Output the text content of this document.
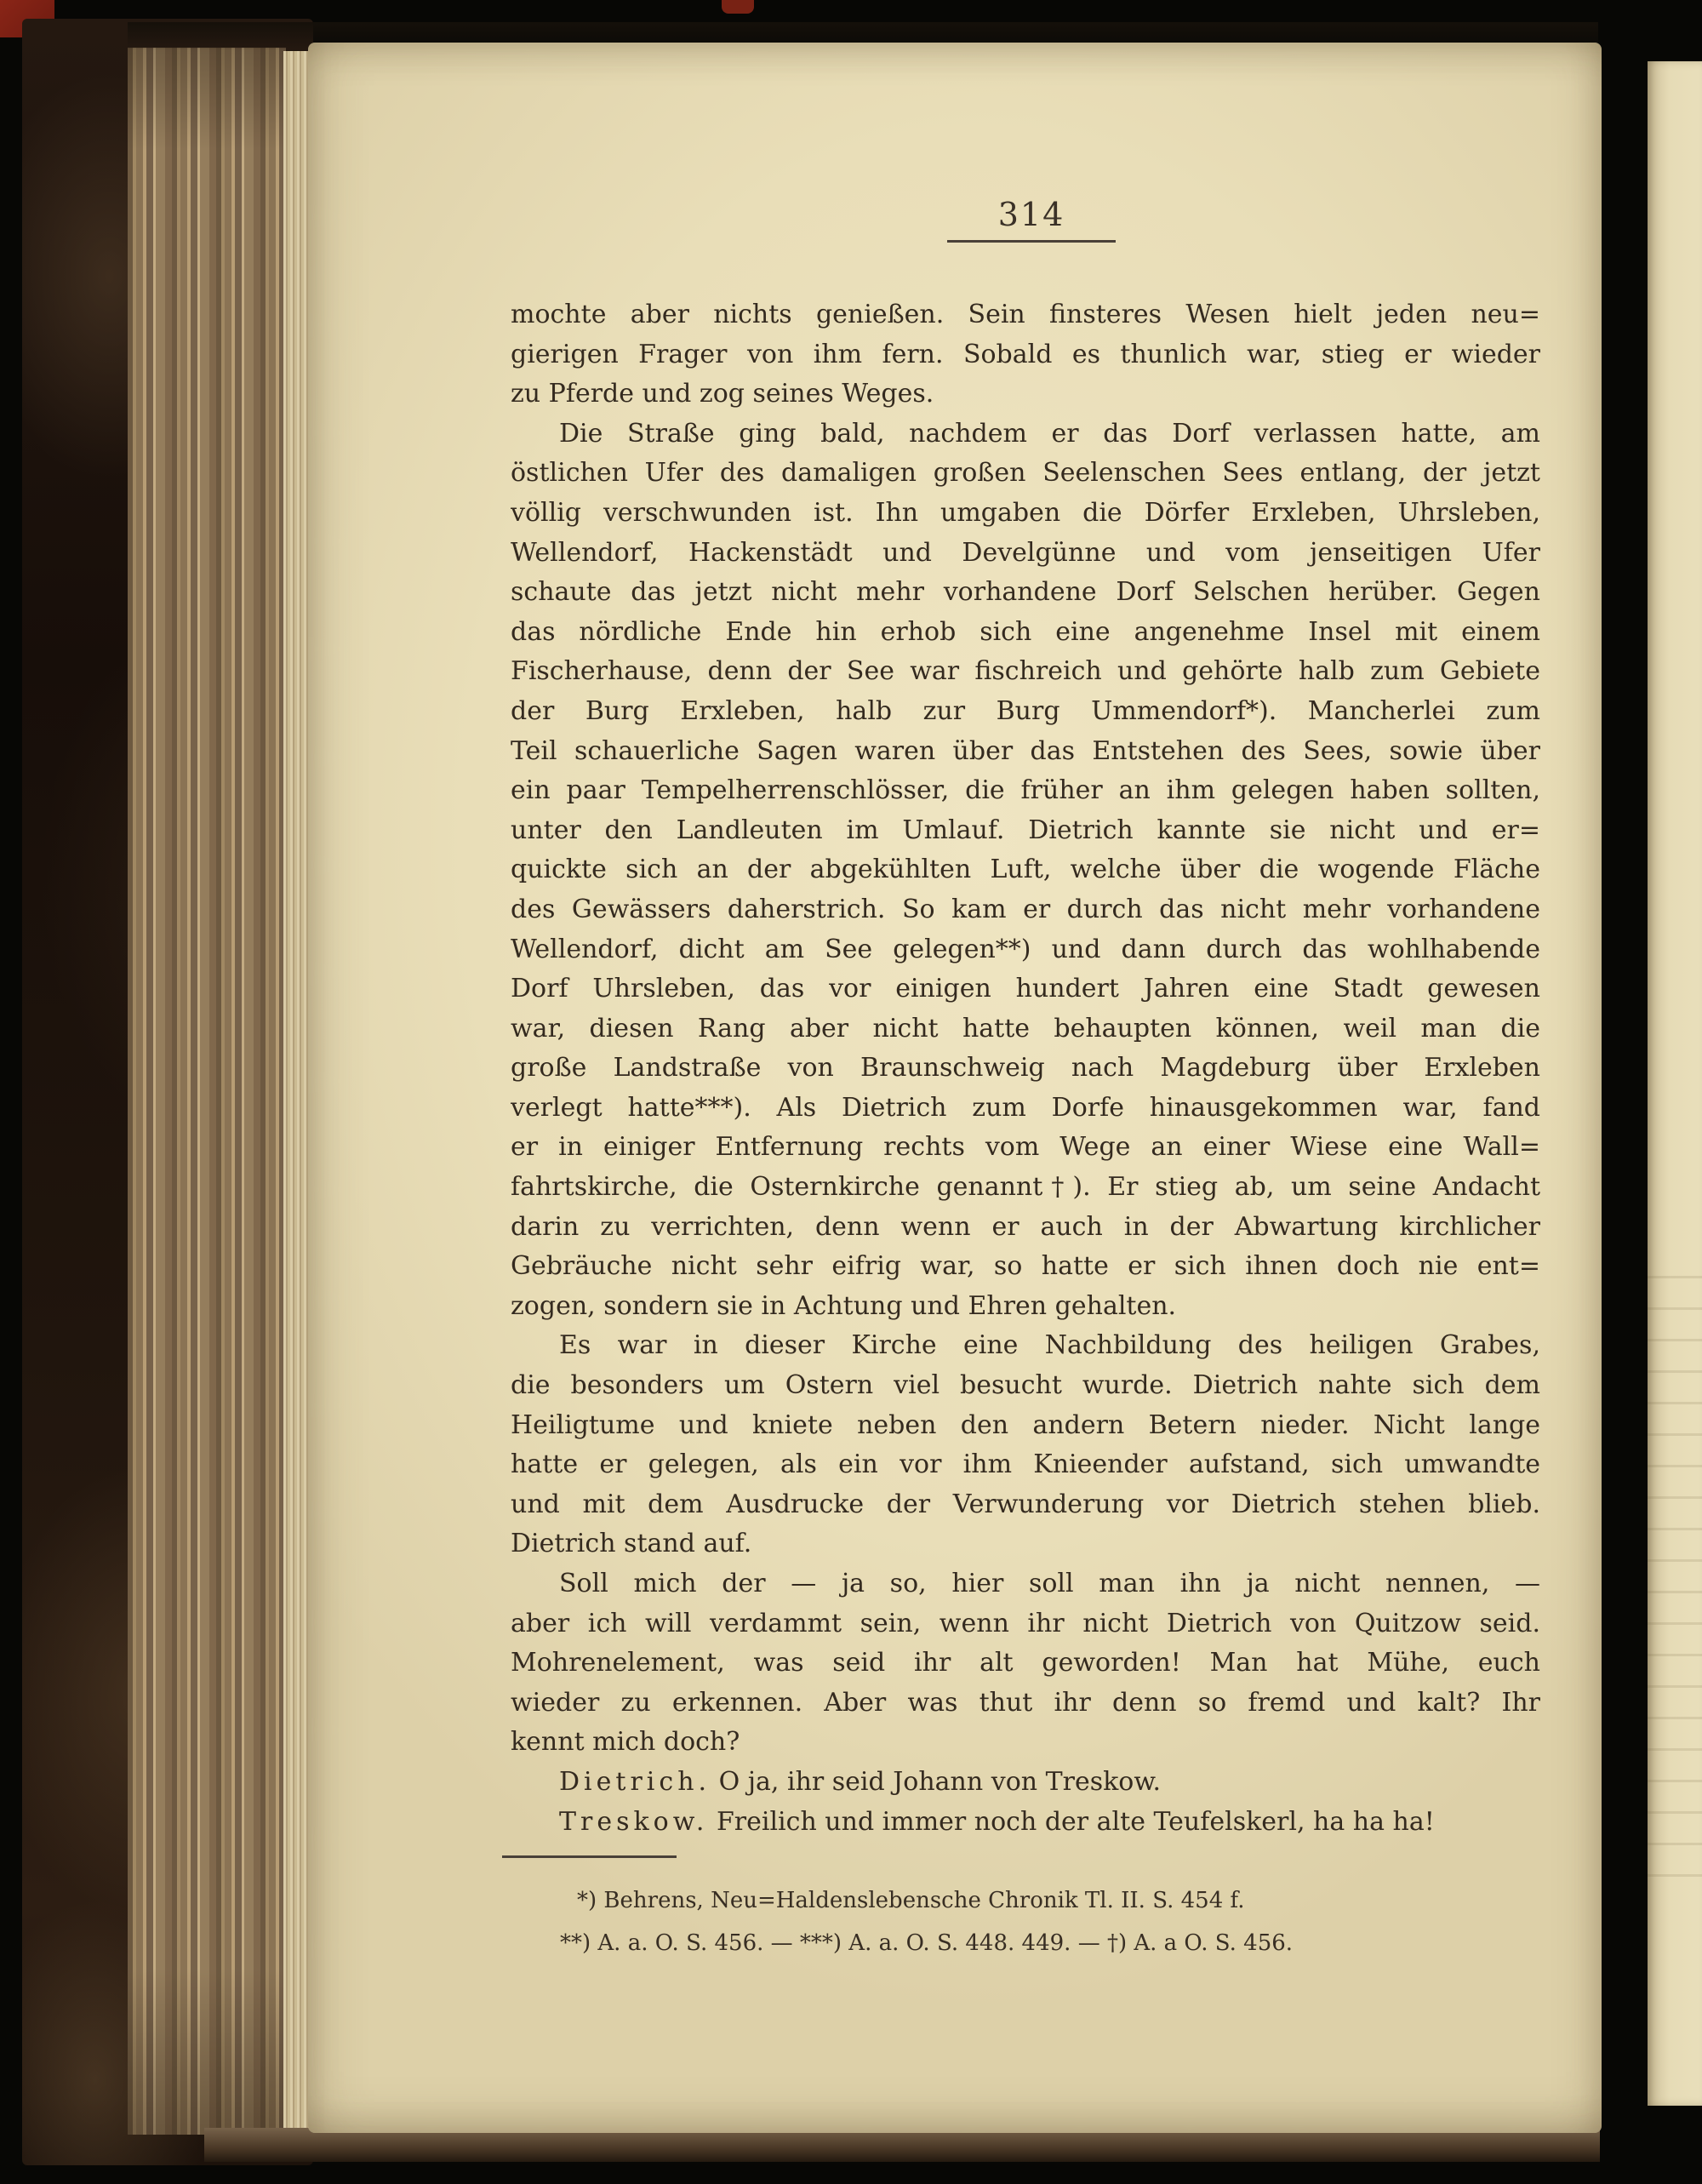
314
mochte aber nichts genießen. Sein finsteres Wesen hielt jeden neu=
gierigen Frager von ihm fern. Sobald es thunlich war, stieg er wieder
zu Pferde und zog seines Weges.
Die Straße ging bald, nachdem er das Dorf verlassen hatte, am
östlichen Ufer des damaligen großen Seelenschen Sees entlang, der jetzt
völlig verschwunden ist. Ihn umgaben die Dörfer Erxleben, Uhrsleben,
Wellendorf, Hackenstädt und Develgünne und vom jenseitigen Ufer
schaute das jetzt nicht mehr vorhandene Dorf Selschen herüber. Gegen
das nördliche Ende hin erhob sich eine angenehme Insel mit einem
Fischerhause, denn der See war fischreich und gehörte halb zum Gebiete
der Burg Erxleben, halb zur Burg Ummendorf*). Mancherlei zum
Teil schauerliche Sagen waren über das Entstehen des Sees, sowie über
ein paar Tempelherrenschlösser, die früher an ihm gelegen haben sollten,
unter den Landleuten im Umlauf. Dietrich kannte sie nicht und er=
quickte sich an der abgekühlten Luft, welche über die wogende Fläche
des Gewässers daherstrich. So kam er durch das nicht mehr vorhandene
Wellendorf, dicht am See gelegen**) und dann durch das wohlhabende
Dorf Uhrsleben, das vor einigen hundert Jahren eine Stadt gewesen
war, diesen Rang aber nicht hatte behaupten können, weil man die
große Landstraße von Braunschweig nach Magdeburg über Erxleben
verlegt hatte***). Als Dietrich zum Dorfe hinausgekommen war, fand
er in einiger Entfernung rechts vom Wege an einer Wiese eine Wall=
fahrtskirche, die Osternkirche genannt†). Er stieg ab, um seine Andacht
darin zu verrichten, denn wenn er auch in der Abwartung kirchlicher
Gebräuche nicht sehr eifrig war, so hatte er sich ihnen doch nie ent=
zogen, sondern sie in Achtung und Ehren gehalten.
Es war in dieser Kirche eine Nachbildung des heiligen Grabes,
die besonders um Ostern viel besucht wurde. Dietrich nahte sich dem
Heiligtume und kniete neben den andern Betern nieder. Nicht lange
hatte er gelegen, als ein vor ihm Knieender aufstand, sich umwandte
und mit dem Ausdrucke der Verwunderung vor Dietrich stehen blieb.
Dietrich stand auf.
Soll mich der — ja so, hier soll man ihn ja nicht nennen, —
aber ich will verdammt sein, wenn ihr nicht Dietrich von Quitzow seid.
Mohrenelement, was seid ihr alt geworden! Man hat Mühe, euch
wieder zu erkennen. Aber was thut ihr denn so fremd und kalt? Ihr
kennt mich doch?
Dietrich. O ja, ihr seid Johann von Treskow.
Treskow. Freilich und immer noch der alte Teufelskerl, ha ha ha!
*) Behrens, Neu=Haldenslebensche Chronik Tl. II. S. 454 f.
**) A. a. O. S. 456. — ***) A. a. O. S. 448. 449. — †) A. a O. S. 456.
